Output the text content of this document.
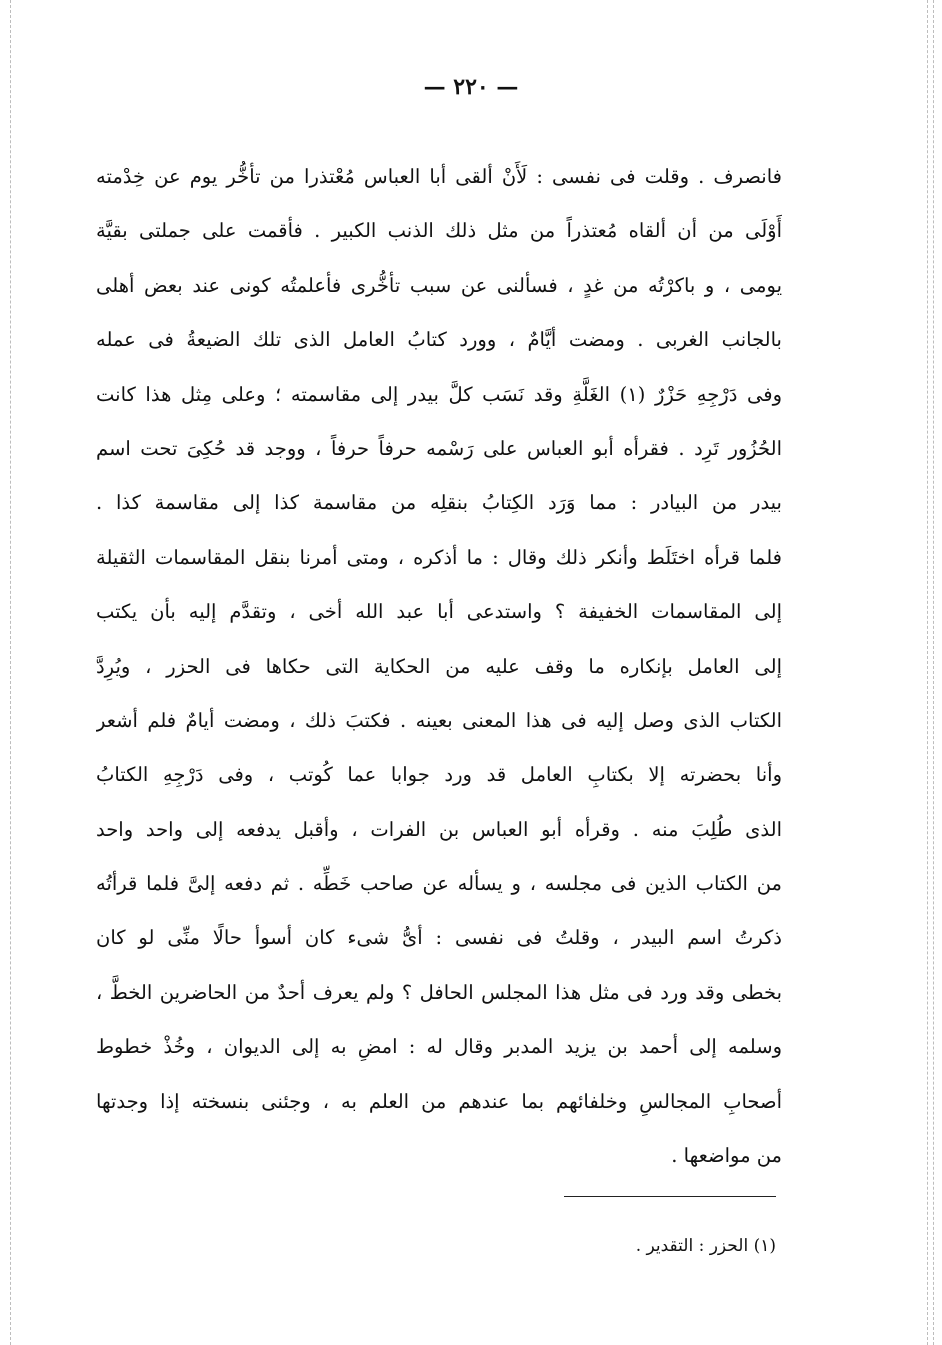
— ٢٢٠ —
فانصرف . وقلت فى نفسى : لَأَنْ ألقى أبا العباس مُعْتذرا من تأخُّر يوم عن خِدْمته
أَوْلَى من أن ألقاه مُعتذراً من مثل ذلك الذنب الكبير . فأقمت على جملتى بقيَّة
يومى ، و باكرْتُه من غدٍ ، فسألنى عن سبب تأخُّرى فأعلمتُه كونى عند بعض أهلى
بالجانب الغربى . ومضت أيَّامٌ ، وورد كتابُ العامل الذى تلك الضيعةُ فى عمله
وفى دَرْجِهِ حَزْرٌ (١) الغَلَّةِ وقد نَسَب كلَّ بيدر إلى مقاسمته ؛ وعلى مِثل هذا كانت
الحُزُور تَرِد . فقرأه أبو العباس على رَسْمه حرفاً حرفاً ، ووجد قد حُكِىَ تحت اسم
بيدر من البيادر : مما وَرَد الكِتابُ بنقلِه من مقاسمة كذا إلى مقاسمة كذا .
فلما قرأه اختَلَط وأنكر ذلك وقال : ما أذكره ، ومتى أمرنا بنقل المقاسمات الثقيلة
إلى المقاسمات الخفيفة ؟ واستدعى أبا عبد الله أخى ، وتقدَّم إليه بأن يكتب
إلى العامل بإنكاره ما وقف عليه من الحكاية التى حكاها فى الحزر ، ويُرِدَّ
الكتاب الذى وصل إليه فى هذا المعنى بعينه . فكتبَ ذلك ، ومضت أيامٌ فلم أشعر
وأنا بحضرته إلا بكتابِ العامل قد ورد جوابا عما كُوتب ، وفى دَرْجِهِ الكتابُ
الذى طُلِبَ منه . وقرأه أبو العباس بن الفرات ، وأقبل يدفعه إلى واحد واحد
من الكتاب الذين فى مجلسه ، و يسأله عن صاحب خَطِّه . ثم دفعه إلىَّ فلما قرأتُه
ذكرتُ اسم البيدر ، وقلتُ فى نفسى : أىُّ شىء كان أسوأ حالًا منِّى لو كان
بخطى وقد ورد فى مثل هذا المجلس الحافل ؟ ولم يعرف أحدٌ من الحاضرين الخطَّ ،
وسلمه إلى أحمد بن يزيد المدبر وقال له : امضِ به إلى الديوان ، وخُذْ خطوط
أصحابِ المجالسِ وخلفائهم بما عندهم من العلم به ، وجئنى بنسخته إذا وجدتها
من مواضعها .
(١) الحزر : التقدير .
